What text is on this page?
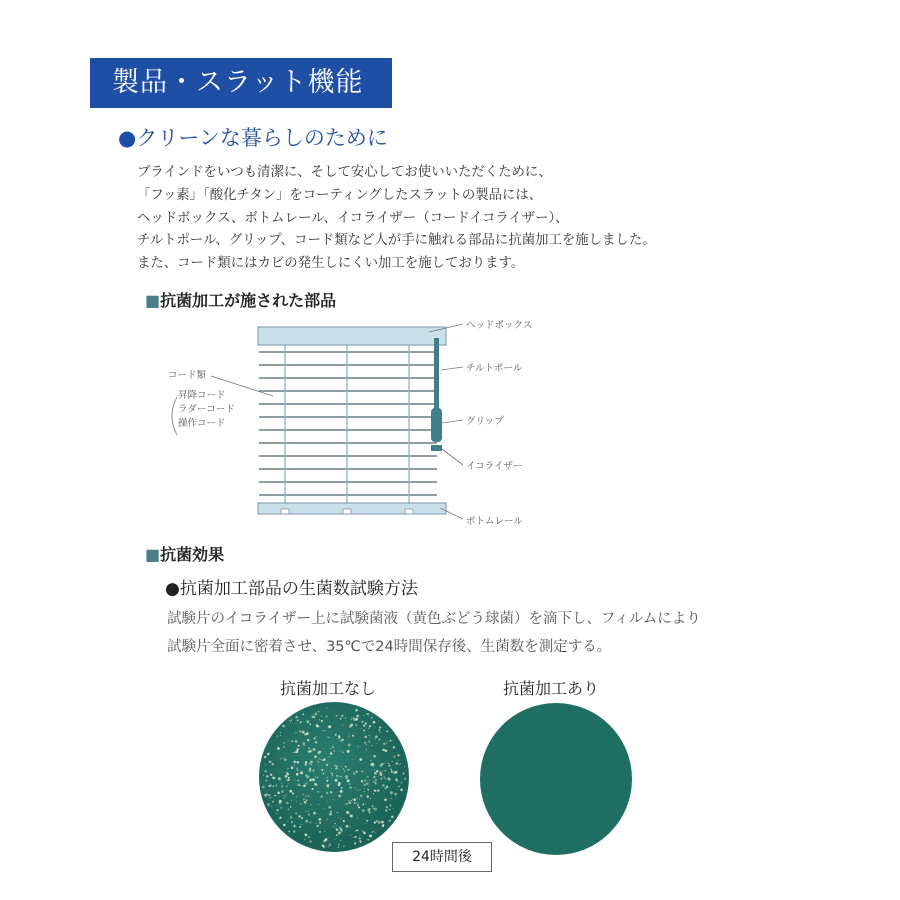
製品・スラット機能
●クリーンな暮らしのために
ブラインドをいつも清潔に、そして安心してお使いいただくために、
「フッ素」「酸化チタン」をコーティングしたスラットの製品には、
ヘッドボックス、ボトムレール、イコライザー（コードイコライザー）、
チルトポール、グリップ、コード類など人が手に触れる部品に抗菌加工を施しました。
また、コード類にはカビの発生しにくい加工を施しております。
■抗菌加工が施された部品
ヘッドボックス
チルトポール
グリップ
イコライザー
ボトムレール
コード類
昇降コード
ラダーコード
操作コード
■抗菌効果
●抗菌加工部品の生菌数試験方法
試験片のイコライザー上に試験菌液（黄色ぶどう球菌）を滴下し、フィルムにより
試験片全面に密着させ、35℃で24時間保存後、生菌数を測定する。
抗菌加工なし	抗菌加工あり
24時間後
